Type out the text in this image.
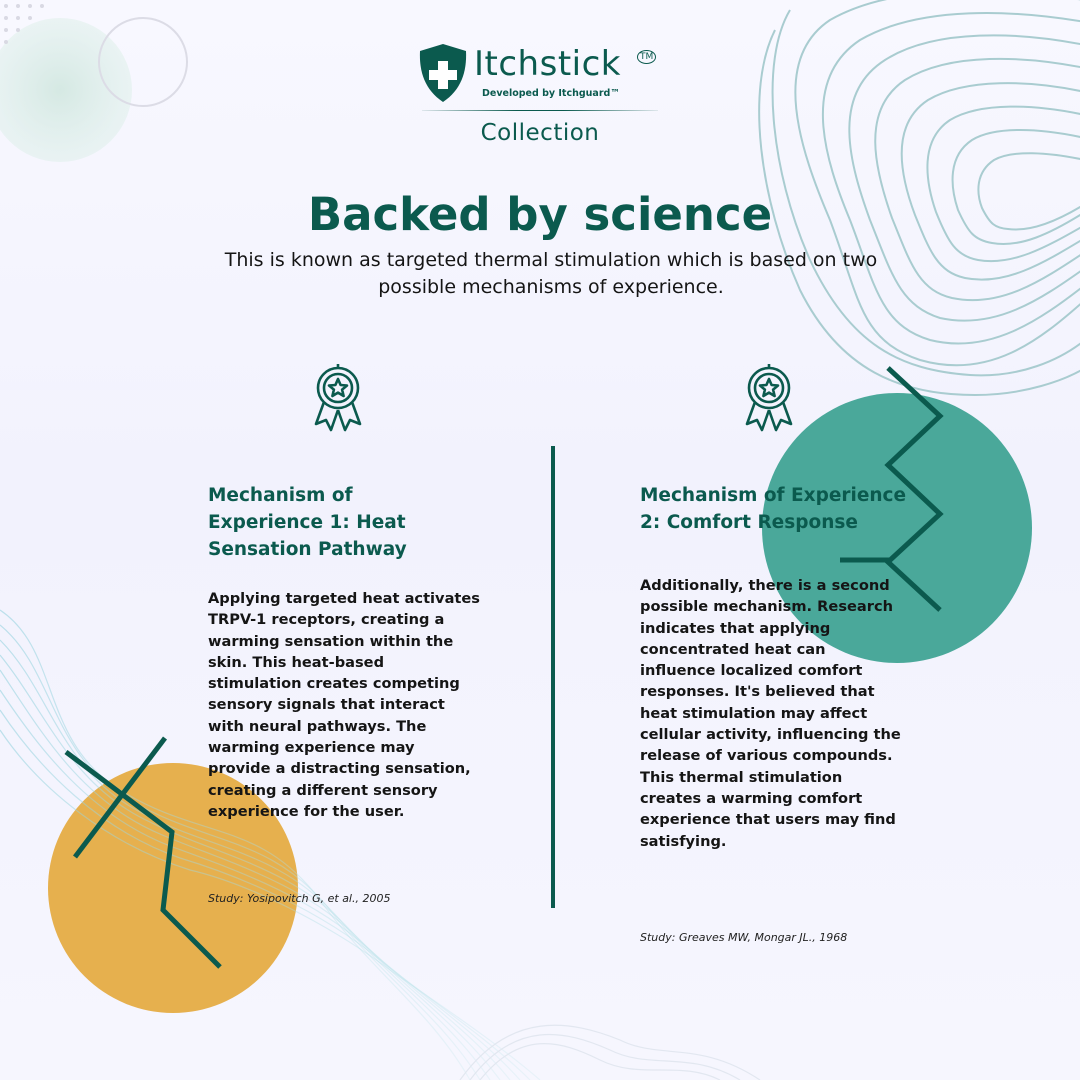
Itchstick	TM
Developed by Itchguard™
Collection
Backed by science

This is known as targeted thermal stimulation which is based on two possible mechanisms of experience.

Mechanism of Experience 1: Heat Sensation Pathway

Applying targeted heat activates TRPV-1 receptors, creating a warming sensation within the skin. This heat-based stimulation creates competing sensory signals that interact with neural pathways. The warming experience may provide a distracting sensation, creating a different sensory experience for the user.

Study: Yosipovitch G, et al., 2005

Mechanism of Experience 2: Comfort Response

Additionally, there is a second possible mechanism. Research indicates that applying concentrated heat can influence localized comfort responses. It's believed that heat stimulation may affect cellular activity, influencing the release of various compounds. This thermal stimulation creates a warming comfort experience that users may find satisfying.

Study: Greaves MW, Mongar JL., 1968
